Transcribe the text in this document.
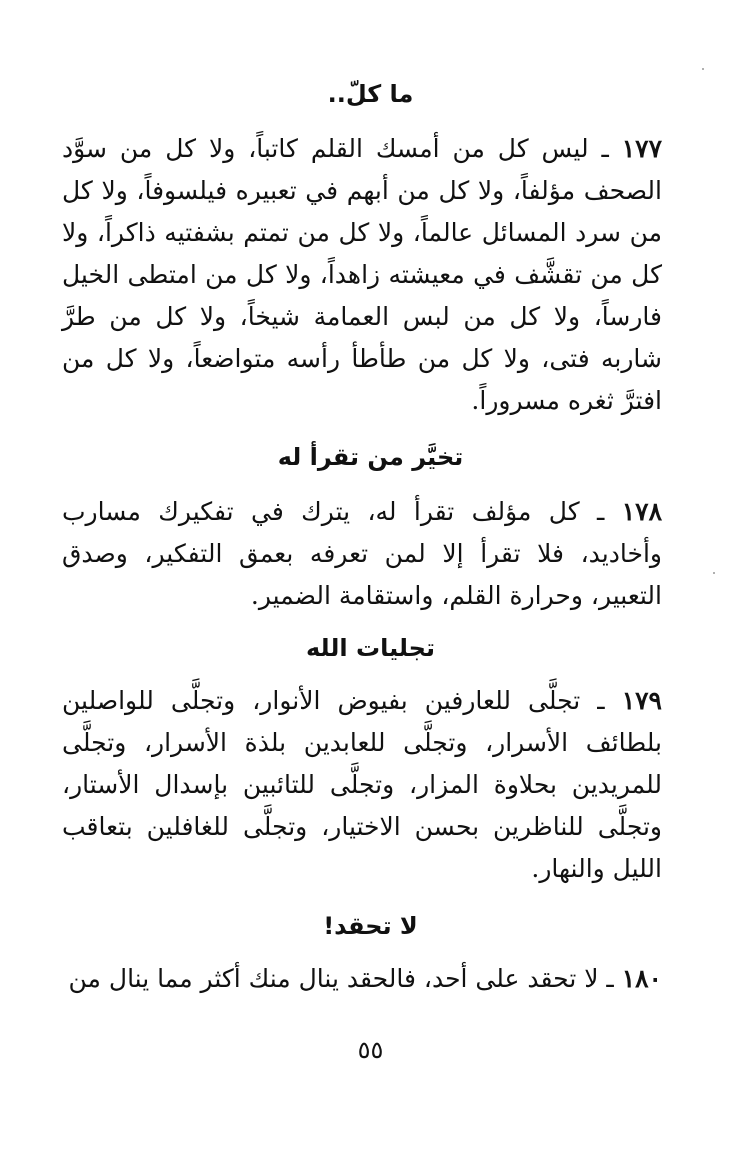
ما كلّ..

١٧٧ ـ ليس كل من أمسك القلم كاتباً، ولا كل من سوَّد الصحف مؤلفاً، ولا كل من أبهم في تعبيره فيلسوفاً، ولا كل من سرد المسائل عالماً، ولا كل من تمتم بشفتيه ذاكراً، ولا كل من تقشَّف في معيشته زاهداً، ولا كل من امتطى الخيل فارساً، ولا كل من لبس العمامة شيخاً، ولا كل من طرَّ شاربه فتى، ولا كل من طأطأ رأسه متواضعاً، ولا كل من افترَّ ثغره مسروراً.

تخيَّر من تقرأ له

١٧٨ ـ كل مؤلف تقرأ له، يترك في تفكيرك مسارب وأخاديد، فلا تقرأ إلا لمن تعرفه بعمق التفكير، وصدق التعبير، وحرارة القلم، واستقامة الضمير.

تجليات الله

١٧٩ ـ تجلَّى للعارفين بفيوض الأنوار، وتجلَّى للواصلين بلطائف الأسرار، وتجلَّى للعابدين بلذة الأسرار، وتجلَّى للمريدين بحلاوة المزار، وتجلَّى للتائبين بإسدال الأستار، وتجلَّى للناظرين بحسن الاختيار، وتجلَّى للغافلين بتعاقب الليل والنهار.

لا تحقد!

١٨٠ ـ لا تحقد على أحد، فالحقد ينال منك أكثر مما ينال من

٥٥
